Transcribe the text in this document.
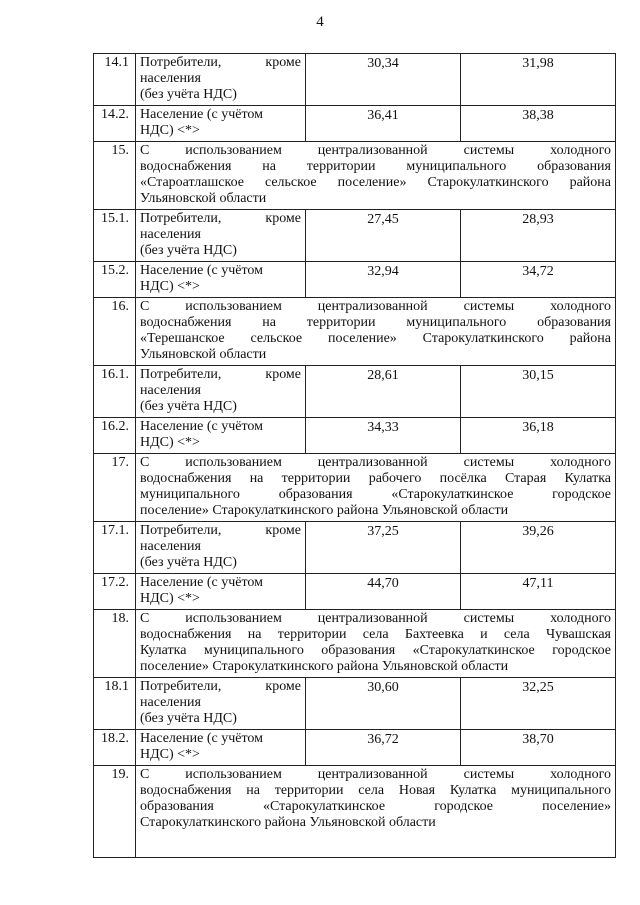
4
14.1	Потребители, кроме
населения
(без учёта НДС)	30,34	31,98
14.2.	Население (с учётом
НДС) <*>	36,41	38,38
15.	С использованием централизованной системы холодного
водоснабжения на территории муниципального образования
«Староатлашское сельское поселение» Старокулаткинского района
Ульяновской области		

15.1.	Потребители, кроме
населения
(без учёта НДС)	27,45	28,93
15.2.	Население (с учётом
НДС) <*>	32,94	34,72
16.	С использованием централизованной системы холодного
водоснабжения на территории муниципального образования
«Терешанское сельское поселение» Старокулаткинского района
Ульяновской области		

16.1.	Потребители, кроме
населения
(без учёта НДС)	28,61	30,15
16.2.	Население (с учётом
НДС) <*>	34,33	36,18
17.	С использованием централизованной системы холодного
водоснабжения на территории рабочего посёлка Старая Кулатка
муниципального образования «Старокулаткинское городское
поселение» Старокулаткинского района Ульяновской области		

17.1.	Потребители, кроме
населения
(без учёта НДС)	37,25	39,26
17.2.	Население (с учётом
НДС) <*>	44,70	47,11
18.	С использованием централизованной системы холодного
водоснабжения на территории села Бахтеевка и села Чувашская
Кулатка муниципального образования «Старокулаткинское городское
поселение» Старокулаткинского района Ульяновской области		

18.1	Потребители, кроме
населения
(без учёта НДС)	30,60	32,25
18.2.	Население (с учётом
НДС) <*>	36,72	38,70
19.	С использованием централизованной системы холодного
водоснабжения на территории села Новая Кулатка муниципального
образования «Старокулаткинское городское поселение»
Старокулаткинского района Ульяновской области		
